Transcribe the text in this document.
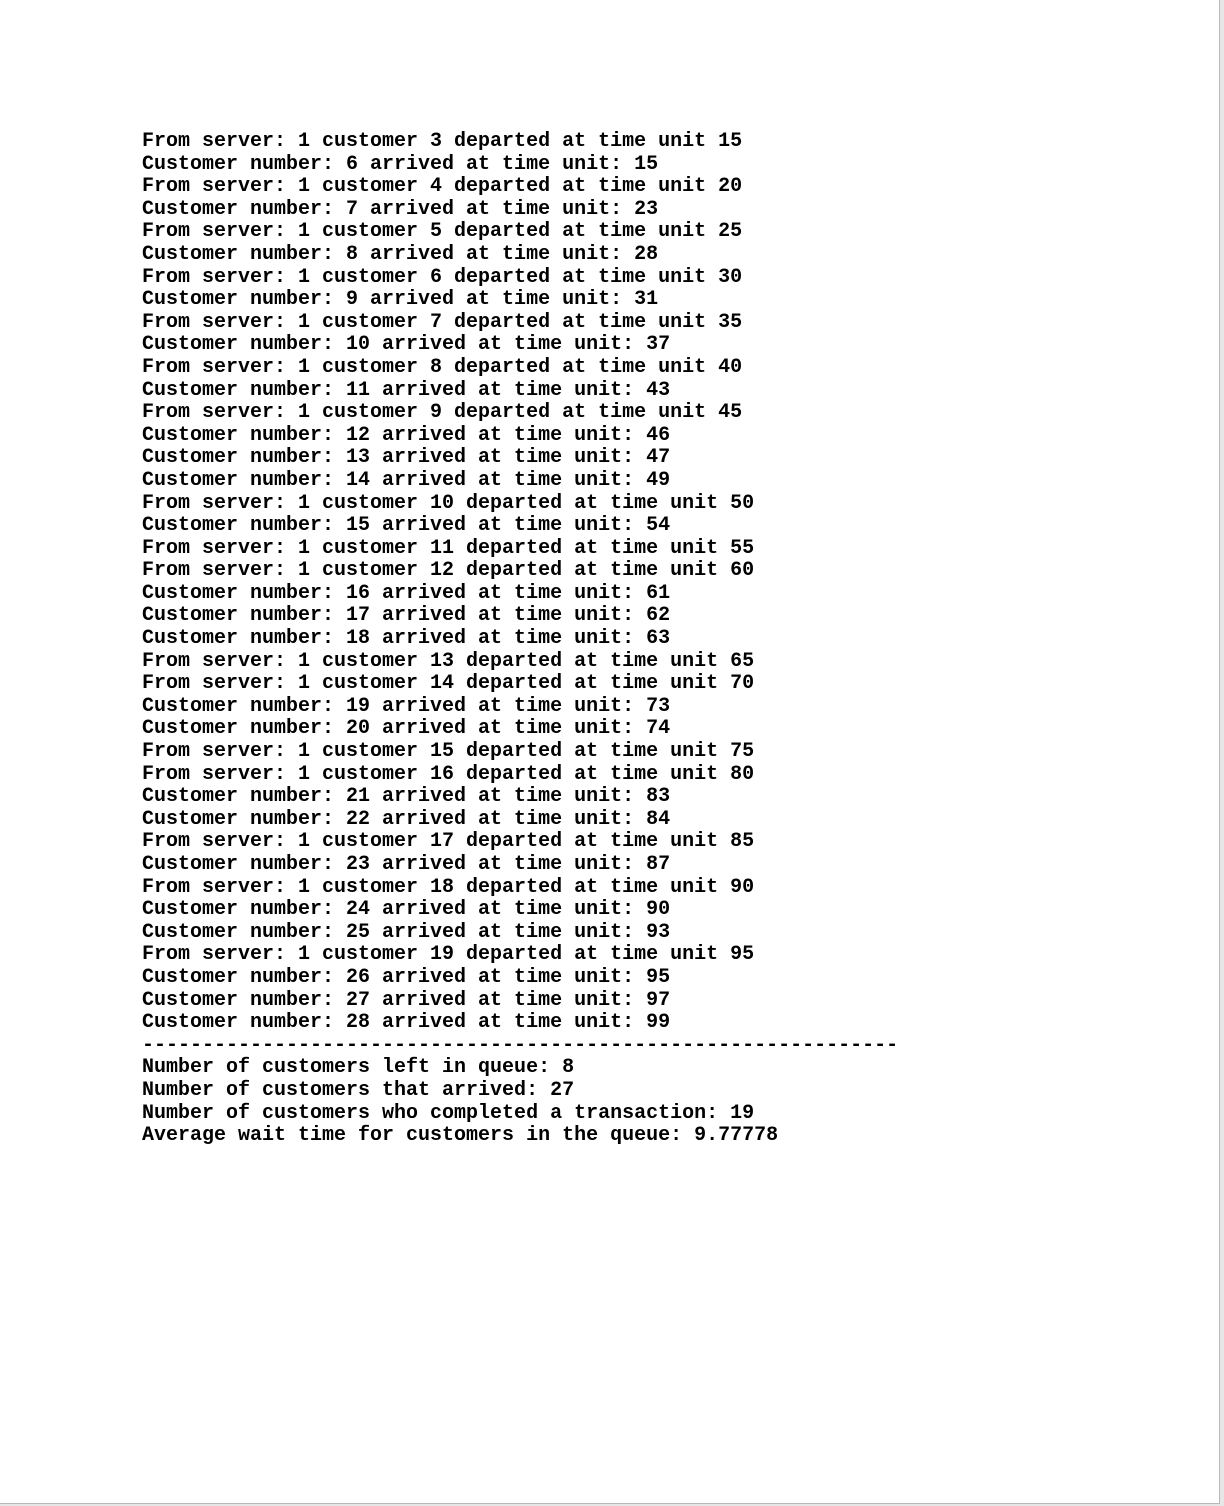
From server: 1 customer 3 departed at time unit 15
Customer number: 6 arrived at time unit: 15
From server: 1 customer 4 departed at time unit 20
Customer number: 7 arrived at time unit: 23
From server: 1 customer 5 departed at time unit 25
Customer number: 8 arrived at time unit: 28
From server: 1 customer 6 departed at time unit 30
Customer number: 9 arrived at time unit: 31
From server: 1 customer 7 departed at time unit 35
Customer number: 10 arrived at time unit: 37
From server: 1 customer 8 departed at time unit 40
Customer number: 11 arrived at time unit: 43
From server: 1 customer 9 departed at time unit 45
Customer number: 12 arrived at time unit: 46
Customer number: 13 arrived at time unit: 47
Customer number: 14 arrived at time unit: 49
From server: 1 customer 10 departed at time unit 50
Customer number: 15 arrived at time unit: 54
From server: 1 customer 11 departed at time unit 55
From server: 1 customer 12 departed at time unit 60
Customer number: 16 arrived at time unit: 61
Customer number: 17 arrived at time unit: 62
Customer number: 18 arrived at time unit: 63
From server: 1 customer 13 departed at time unit 65
From server: 1 customer 14 departed at time unit 70
Customer number: 19 arrived at time unit: 73
Customer number: 20 arrived at time unit: 74
From server: 1 customer 15 departed at time unit 75
From server: 1 customer 16 departed at time unit 80
Customer number: 21 arrived at time unit: 83
Customer number: 22 arrived at time unit: 84
From server: 1 customer 17 departed at time unit 85
Customer number: 23 arrived at time unit: 87
From server: 1 customer 18 departed at time unit 90
Customer number: 24 arrived at time unit: 90
Customer number: 25 arrived at time unit: 93
From server: 1 customer 19 departed at time unit 95
Customer number: 26 arrived at time unit: 95
Customer number: 27 arrived at time unit: 97
Customer number: 28 arrived at time unit: 99
---------------------------------------------------------------
Number of customers left in queue: 8
Number of customers that arrived: 27
Number of customers who completed a transaction: 19
Average wait time for customers in the queue: 9.77778
